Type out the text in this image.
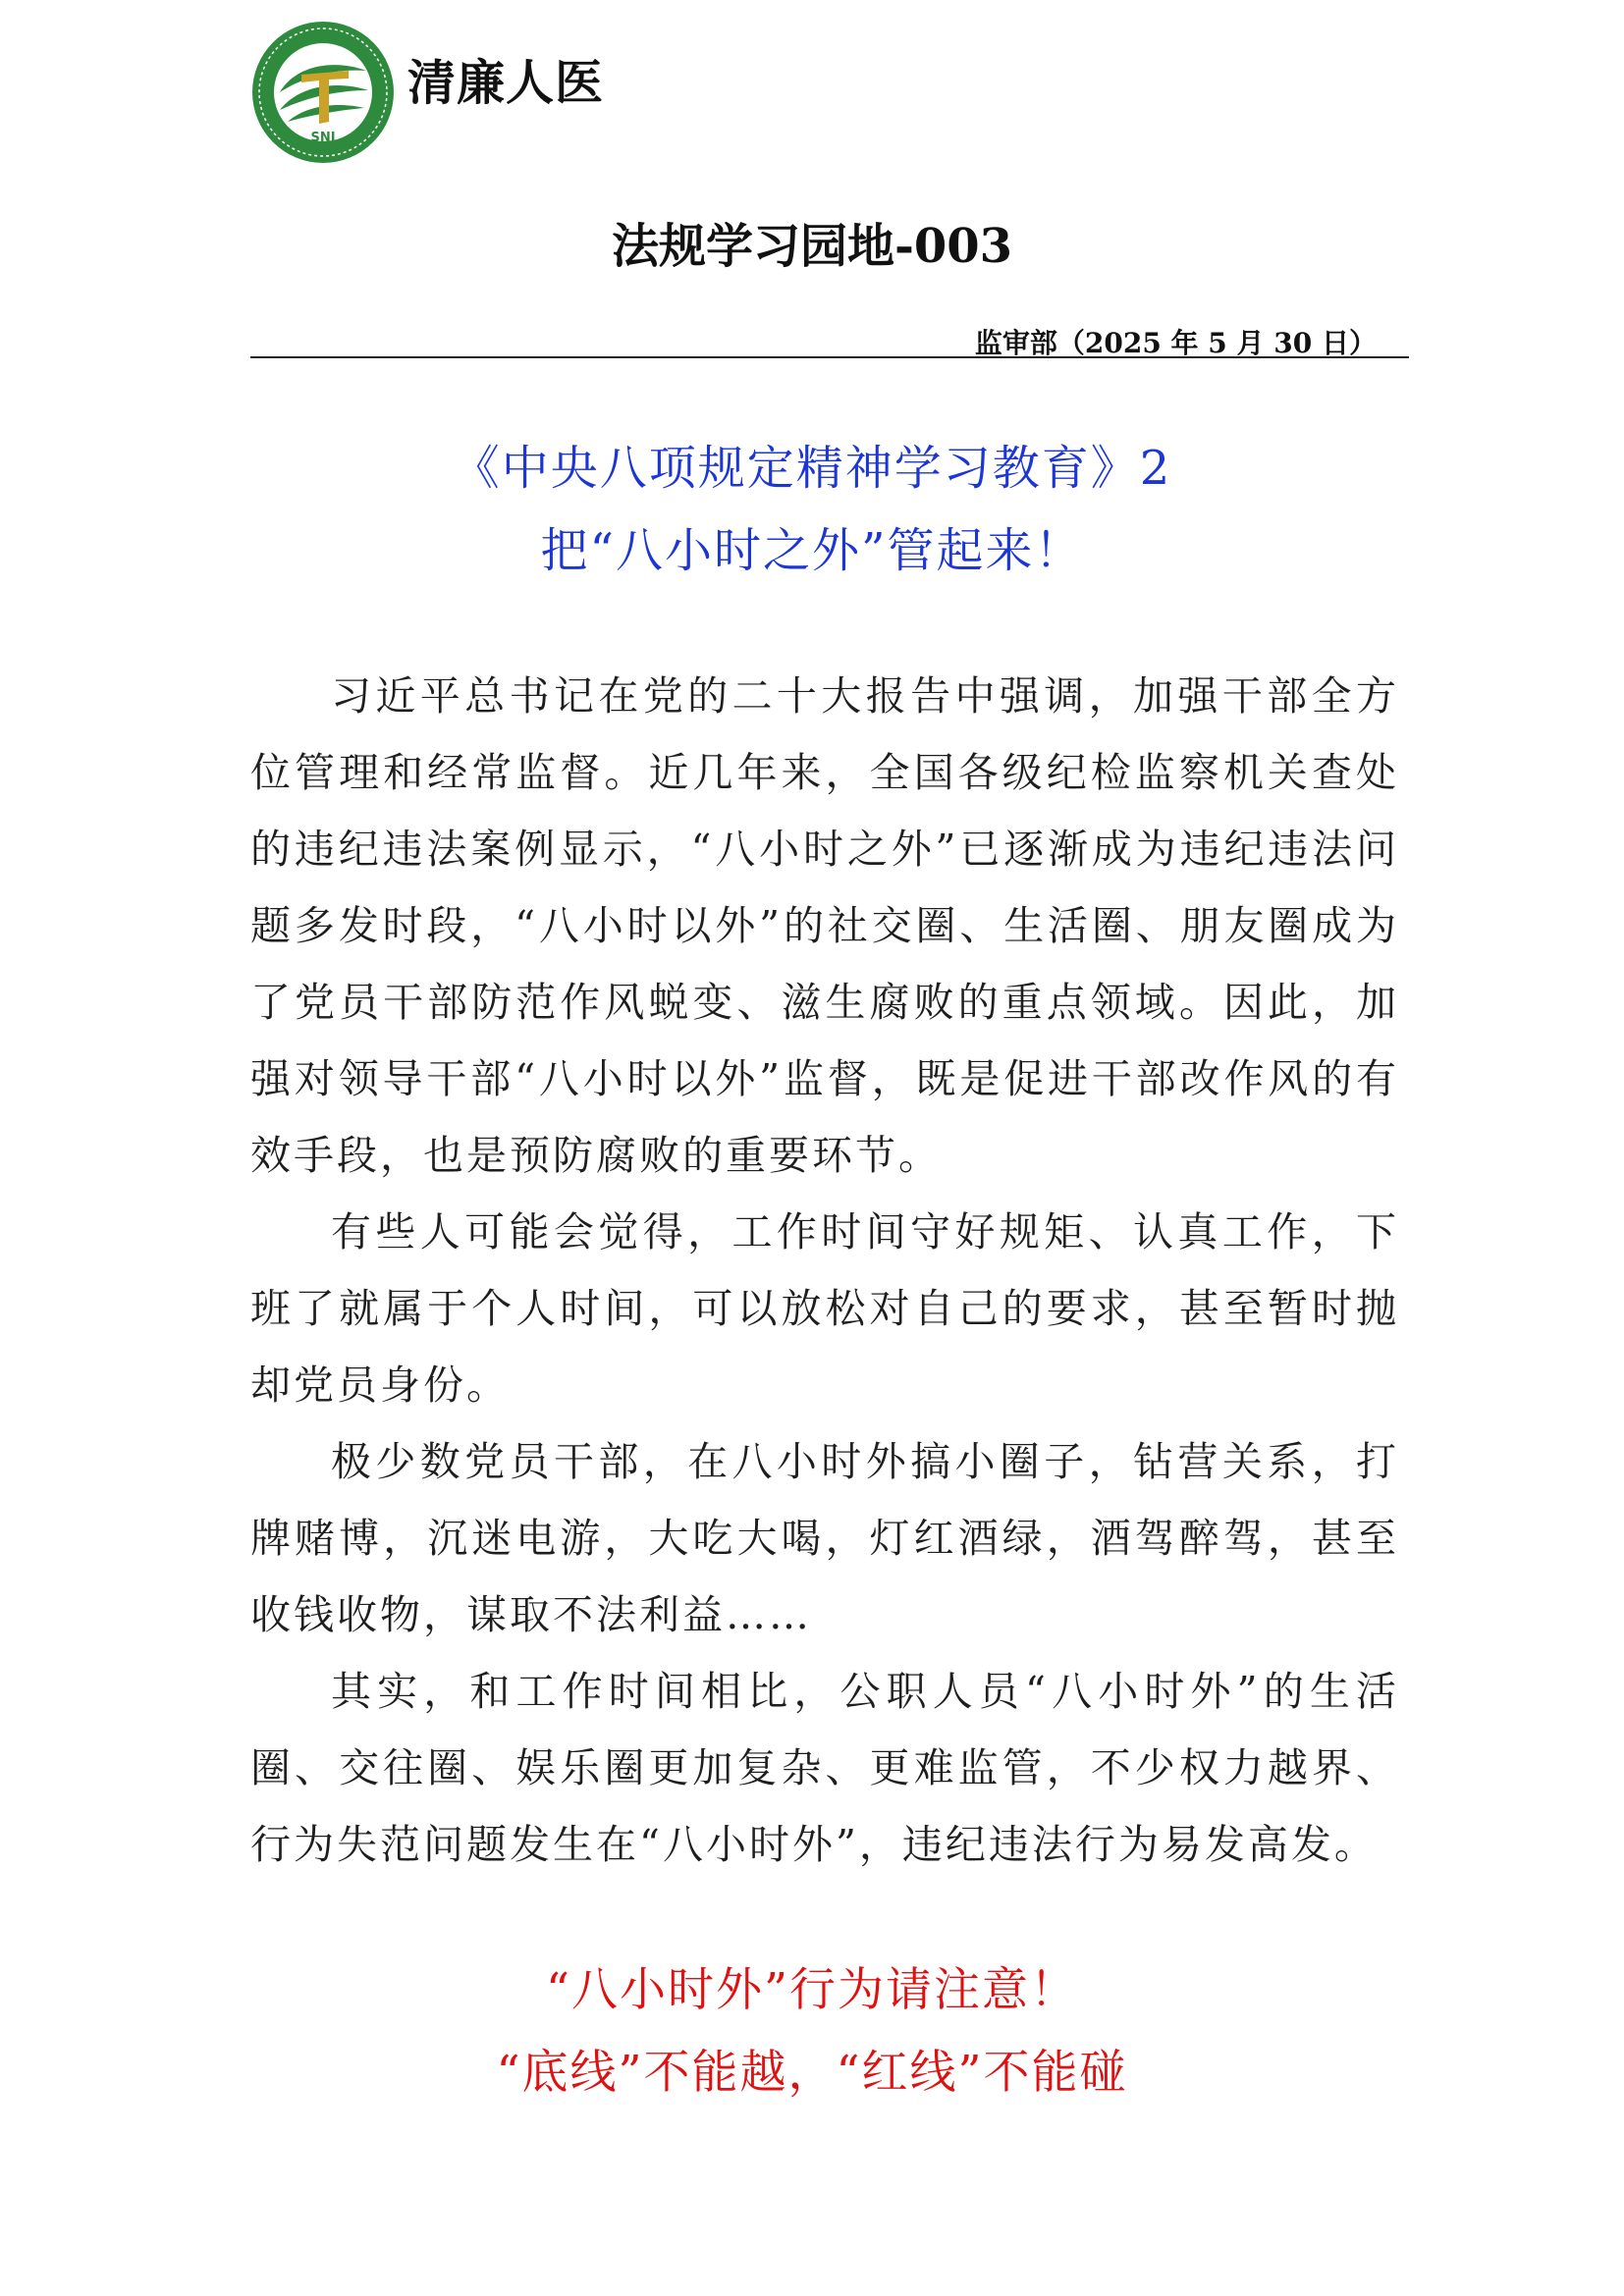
SNJ
清廉人医
法规学习园地-003
监审部（2025 年 5 月 30 日）
《中央八项规定精神学习教育》2
把“八小时之外”管起来！

习近平总书记在党的二十大报告中强调，加强干部全方位管理和经常监督。近几年来，全国各级纪检监察机关查处的违纪违法案例显示，“八小时之外”已逐渐成为违纪违法问题多发时段，“八小时以外”的社交圈、生活圈、朋友圈成为了党员干部防范作风蜕变、滋生腐败的重点领域。因此，加强对领导干部“八小时以外”监督，既是促进干部改作风的有效手段，也是预防腐败的重要环节。

有些人可能会觉得，工作时间守好规矩、认真工作，下班了就属于个人时间，可以放松对自己的要求，甚至暂时抛却党员身份。

极少数党员干部，在八小时外搞小圈子，钻营关系，打牌赌博，沉迷电游，大吃大喝，灯红酒绿，酒驾醉驾，甚至收钱收物，谋取不法利益……

其实，和工作时间相比，公职人员“八小时外”的生活圈、交往圈、娱乐圈更加复杂、更难监管，不少权力越界、行为失范问题发生在“八小时外”，违纪违法行为易发高发。

“八小时外”行为请注意！
“底线”不能越，“红线”不能碰
